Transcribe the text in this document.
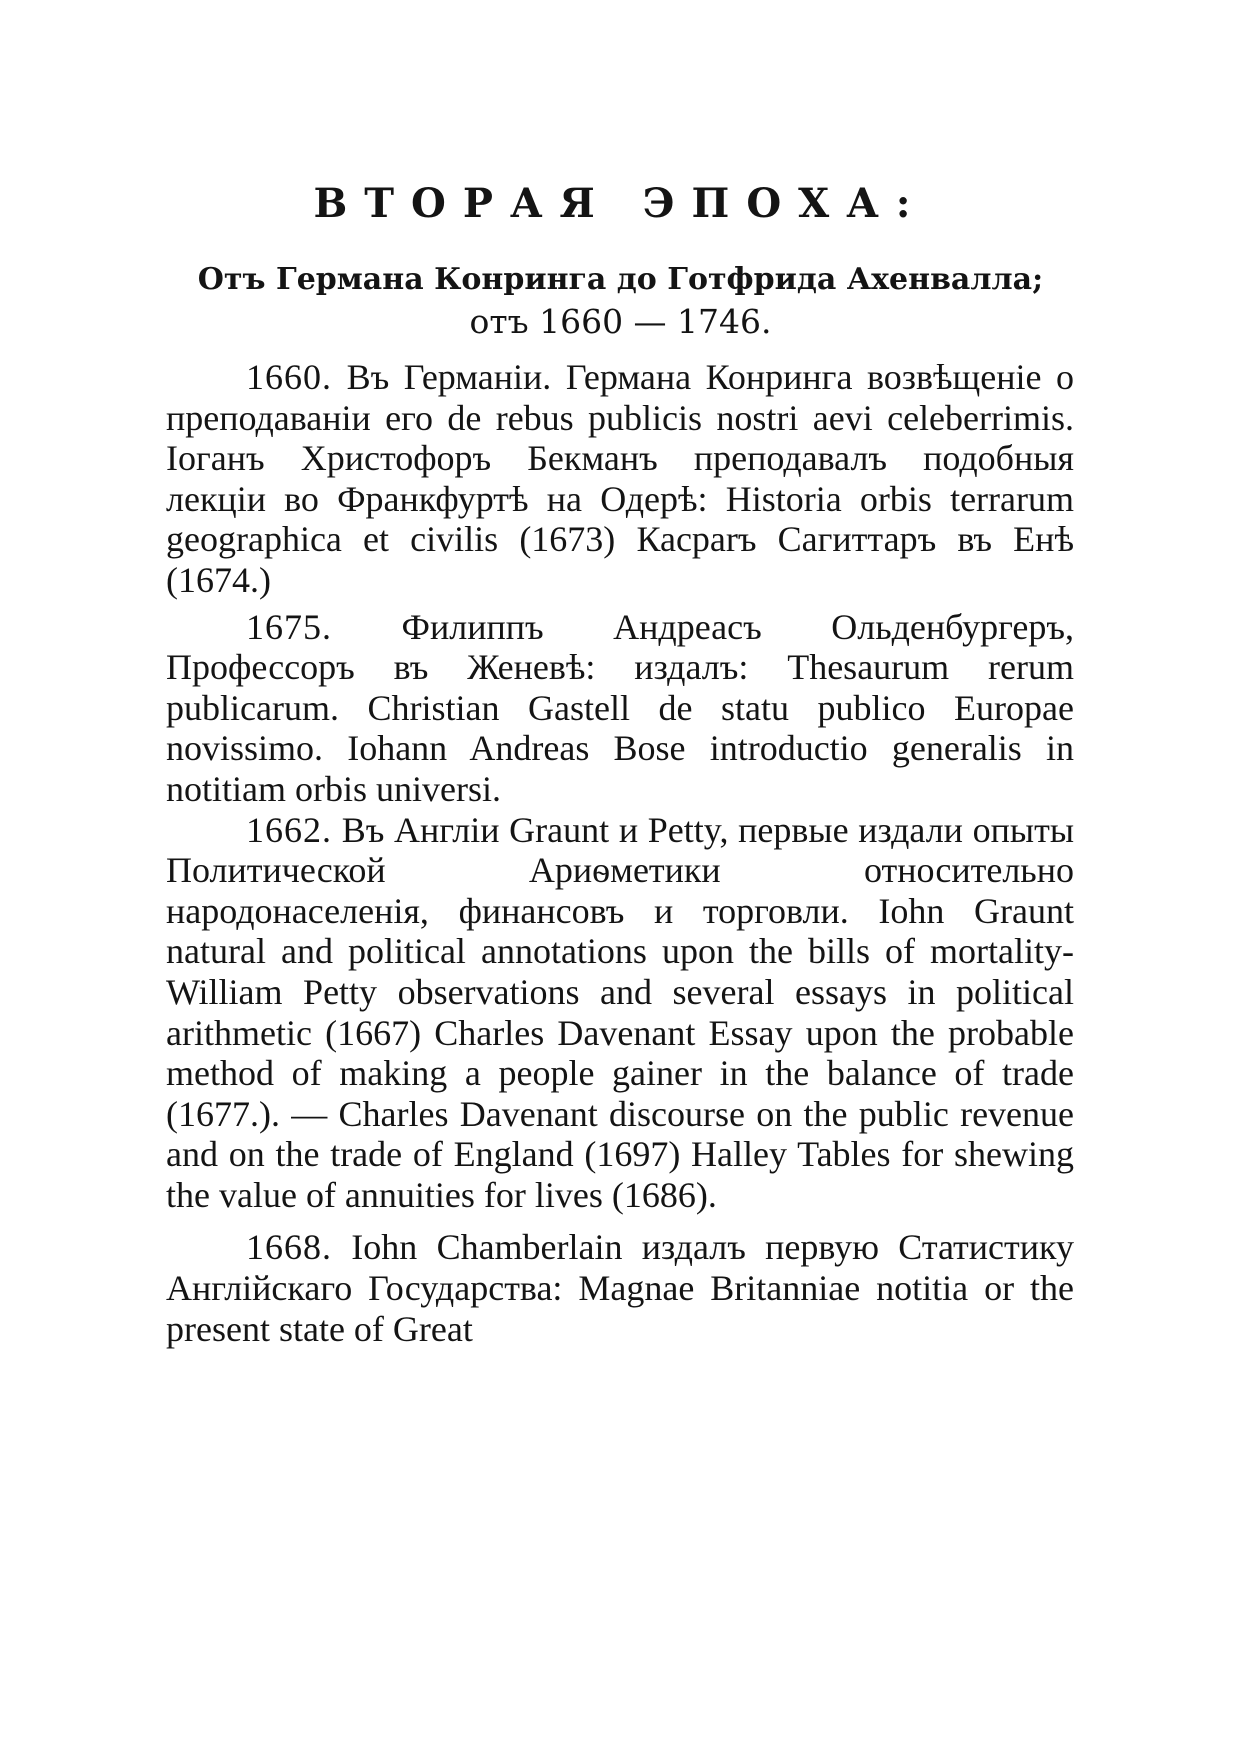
ВТОРАЯ ЭПОХА:
Отъ Германа Конринга до Готфрида Ахенвалла;
отъ 1660 — 1746.

1660. Въ Германіи. Германа Конринга возвѣщеніе о преподаваніи его de rebus publicis nostri aevi celeberrimis. Іоганъ Христофоръ Бекманъ преподавалъ подобныя лекціи во Франкфуртѣ на Одерѣ: Historia orbis terrarum geographica et civilis (1673) Касparъ Сагиттаръ въ Енѣ (1674.)

1675. Филиппъ Андреасъ Ольденбургеръ, Профессоръ въ Женевѣ: издалъ: Thesaurum rerum publicarum. Christian Gastell de statu publico Europae novissimo. Iohann Andreas Bose introductio generalis in notitiam orbis universi.

1662. Въ Англіи Graunt и Petty, первые издали опыты Политической Ариѳметики относительно народонаселенія, финансовъ и торговли. Iohn Graunt natural and political annotations upon the bills of mortality-William Petty observations and several essays in political arithmetic (1667) Charles Davenant Essay upon the probable method of making a people gainer in the balance of trade (1677.). — Charles Davenant discourse on the public revenue and on the trade of England (1697) Halley Tables for shewing the value of annuities for lives (1686).

1668. Iohn Chamberlain издалъ первую Статистику Англійскаго Государства: Magnae Britanniae notitia or the present state of Great
